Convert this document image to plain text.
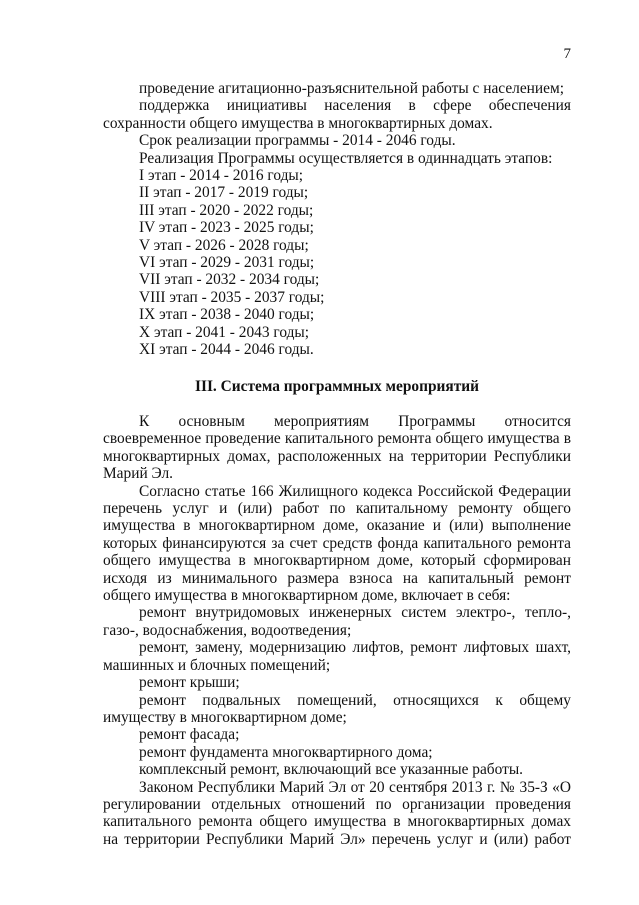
7

проведение агитационно-разъяснительной работы с населением;

поддержка инициативы населения в сфере обеспечения сохранности общего имущества в многоквартирных домах.

Срок реализации программы - 2014 - 2046 годы.

Реализация Программы осуществляется в одиннадцать этапов:

I этап - 2014 - 2016 годы;

II этап - 2017 - 2019 годы;

III этап - 2020 - 2022 годы;

IV этап - 2023 - 2025 годы;

V этап - 2026 - 2028 годы;

VI этап - 2029 - 2031 годы;

VII этап - 2032 - 2034 годы;

VIII этап - 2035 - 2037 годы;

IX этап - 2038 - 2040 годы;

X этап - 2041 - 2043 годы;

XI этап - 2044 - 2046 годы.

III. Система программных мероприятий

К основным мероприятиям Программы относится своевременное проведение капитального ремонта общего имущества в многоквартирных домах, расположенных на территории Республики Марий Эл.

Согласно статье 166 Жилищного кодекса Российской Федерации перечень услуг и (или) работ по капитальному ремонту общего имущества в многоквартирном доме, оказание и (или) выполнение которых финансируются за счет средств фонда капитального ремонта общего имущества в многоквартирном доме, который сформирован исходя из минимального размера взноса на капитальный ремонт общего имущества в многоквартирном доме, включает в себя:

ремонт внутридомовых инженерных систем электро-, тепло-, газо-, водоснабжения, водоотведения;

ремонт, замену, модернизацию лифтов, ремонт лифтовых шахт, машинных и блочных помещений;

ремонт крыши;

ремонт подвальных помещений, относящихся к общему имуществу в многоквартирном доме;

ремонт фасада;

ремонт фундамента многоквартирного дома;

комплексный ремонт, включающий все указанные работы.

Законом Республики Марий Эл от 20 сентября 2013 г. № 35-З «О регулировании отдельных отношений по организации проведения капитального ремонта общего имущества в многоквартирных домах на территории Республики Марий Эл» перечень услуг и (или) работ
